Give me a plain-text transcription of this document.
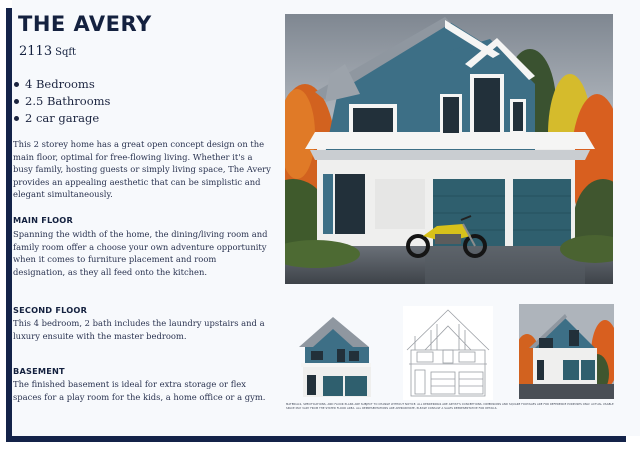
THE AVERY
2113 Sqft
4 Bedrooms
2.5 Bathrooms
2 car garage

This 2 storey home has a great open concept design on the main floor, optimal for free-flowing living. Whether it's a busy family, hosting guests or simply living space, The Avery provides an appealing aesthetic that can be simplistic and elegant simultaneously.

MAIN FLOOR

Spanning the width of the home, the dining/living room and family room offer a choose your own adventure opportunity when it comes to furniture placement and room designation, as they all feed onto the kitchen.

SECOND FLOOR

This 4 bedroom, 2 bath includes the laundry upstairs and a luxury ensuite with the master bedroom.

BASEMENT

The finished basement is ideal for extra storage or flex spaces for a play room for the kids, a home office or a gym.

MATERIALS, SPECIFICATIONS, AND FLOOR PLANS ARE SUBJECT TO CHANGE WITHOUT NOTICE. ALL RENDERINGS ARE ARTIST'S CONCEPTIONS. DIMENSIONS AND SQUARE FOOTAGES ARE FOR REFERENCE PURPOSES ONLY. ACTUAL USABLE SPACE MAY VARY FROM THE STATED FLOOR AREA. ALL REPRESENTATIONS ARE APPROXIMATE, PLEASE CONSULT A SALES REPRESENTATIVE FOR DETAILS.
